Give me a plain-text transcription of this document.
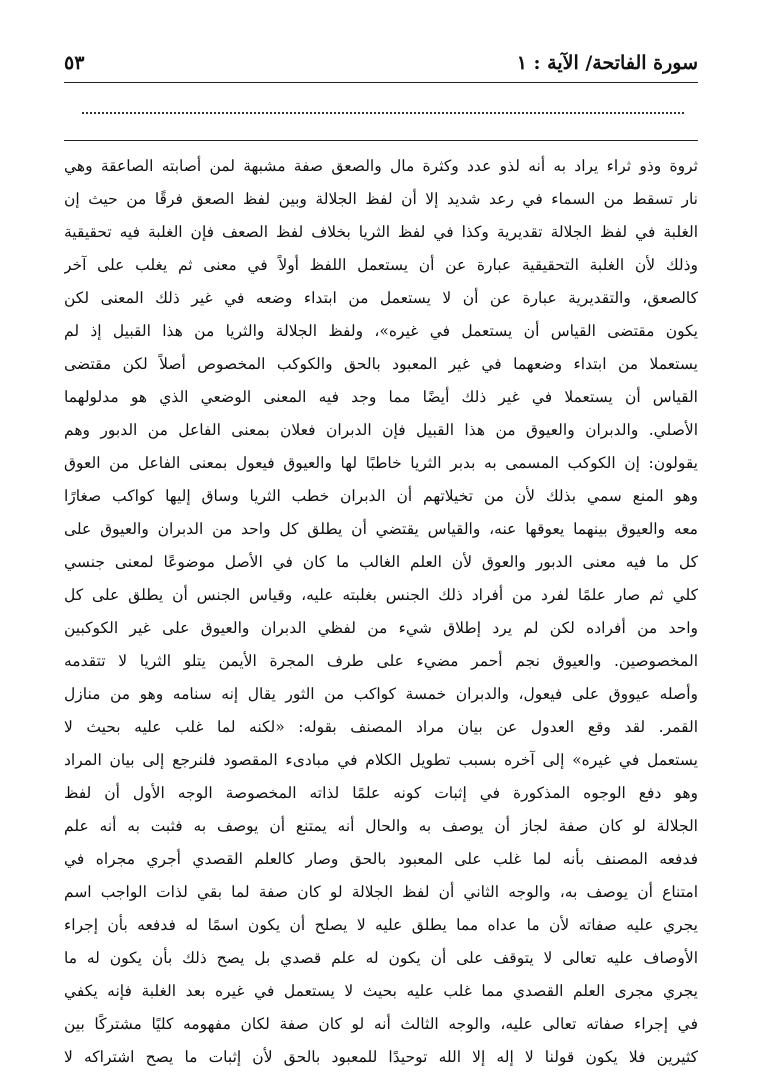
سورة الفاتحة/ الآية : ١
٥٣
ثروة وذو ثراء يراد به أنه لذو عدد وكثرة مال والصعق صفة مشبهة لمن أصابته الصاعقة وهي
نار تسقط من السماء في رعد شديد إلا أن لفظ الجلالة وبين لفظ الصعق فرقًا من حيث إن
الغلبة في لفظ الجلالة تقديرية وكذا في لفظ الثريا بخلاف لفظ الصعف فإن الغلبة فيه تحقيقية
وذلك لأن الغلبة التحقيقية عبارة عن أن يستعمل اللفظ أولاً في معنى ثم يغلب على آخر
كالصعق، والتقديرية عبارة عن أن لا يستعمل من ابتداء وضعه في غير ذلك المعنى لكن
يكون مقتضى القياس أن يستعمل في غيره»، ولفظ الجلالة والثريا من هذا القبيل إذ لم
يستعملا من ابتداء وضعهما في غير المعبود بالحق والكوكب المخصوص أصلاً لكن مقتضى
القياس أن يستعملا في غير ذلك أيضًا مما وجد فيه المعنى الوضعي الذي هو مدلولهما
الأصلي. والدبران والعيوق من هذا القبيل فإن الدبران فعلان بمعنى الفاعل من الدبور وهم
يقولون: إن الكوكب المسمى به بدبر الثريا خاطبًا لها والعيوق فيعول بمعنى الفاعل من العوق
وهو المنع سمي بذلك لأن من تخيلاتهم أن الدبران خطب الثريا وساق إليها كواكب صغارًا
معه والعيوق بينهما يعوقها عنه، والقياس يقتضي أن يطلق كل واحد من الدبران والعيوق على
كل ما فيه معنى الدبور والعوق لأن العلم الغالب ما كان في الأصل موضوعًا لمعنى جنسي
كلي ثم صار علمًا لفرد من أفراد ذلك الجنس بغلبته عليه، وقياس الجنس أن يطلق على كل
واحد من أفراده لكن لم يرد إطلاق شيء من لفظي الدبران والعيوق على غير الكوكبين
المخصوصين. والعيوق نجم أحمر مضيء على طرف المجرة الأيمن يتلو الثريا لا تتقدمه
وأصله عيووق على فيعول، والدبران خمسة كواكب من الثور يقال إنه سنامه وهو من منازل
القمر. لقد وقع العدول عن بيان مراد المصنف بقوله: «لكنه لما غلب عليه بحيث لا
يستعمل في غيره» إلى آخره بسبب تطويل الكلام في مبادىء المقصود فلنرجع إلى بيان المراد
وهو دفع الوجوه المذكورة في إثبات كونه علمًا لذاته المخصوصة الوجه الأول أن لفظ
الجلالة لو كان صفة لجاز أن يوصف به والحال أنه يمتنع أن يوصف به فثبت به أنه علم
فدفعه المصنف بأنه لما غلب على المعبود بالحق وصار كالعلم القصدي أجري مجراه في
امتناع أن يوصف به، والوجه الثاني أن لفظ الجلالة لو كان صفة لما بقي لذات الواجب اسم
يجري عليه صفاته لأن ما عداه مما يطلق عليه لا يصلح أن يكون اسمًا له فدفعه بأن إجراء
الأوصاف عليه تعالى لا يتوقف على أن يكون له علم قصدي بل يصح ذلك بأن يكون له ما
يجري مجرى العلم القصدي مما غلب عليه بحيث لا يستعمل في غيره بعد الغلبة فإنه يكفي
في إجراء صفاته تعالى عليه، والوجه الثالث أنه لو كان صفة لكان مفهومه كليًا مشتركًا بين
كثيرين فلا يكون قولنا لا إله إلا الله توحيدًا للمعبود بالحق لأن إثبات ما يصح اشتراكه لا
